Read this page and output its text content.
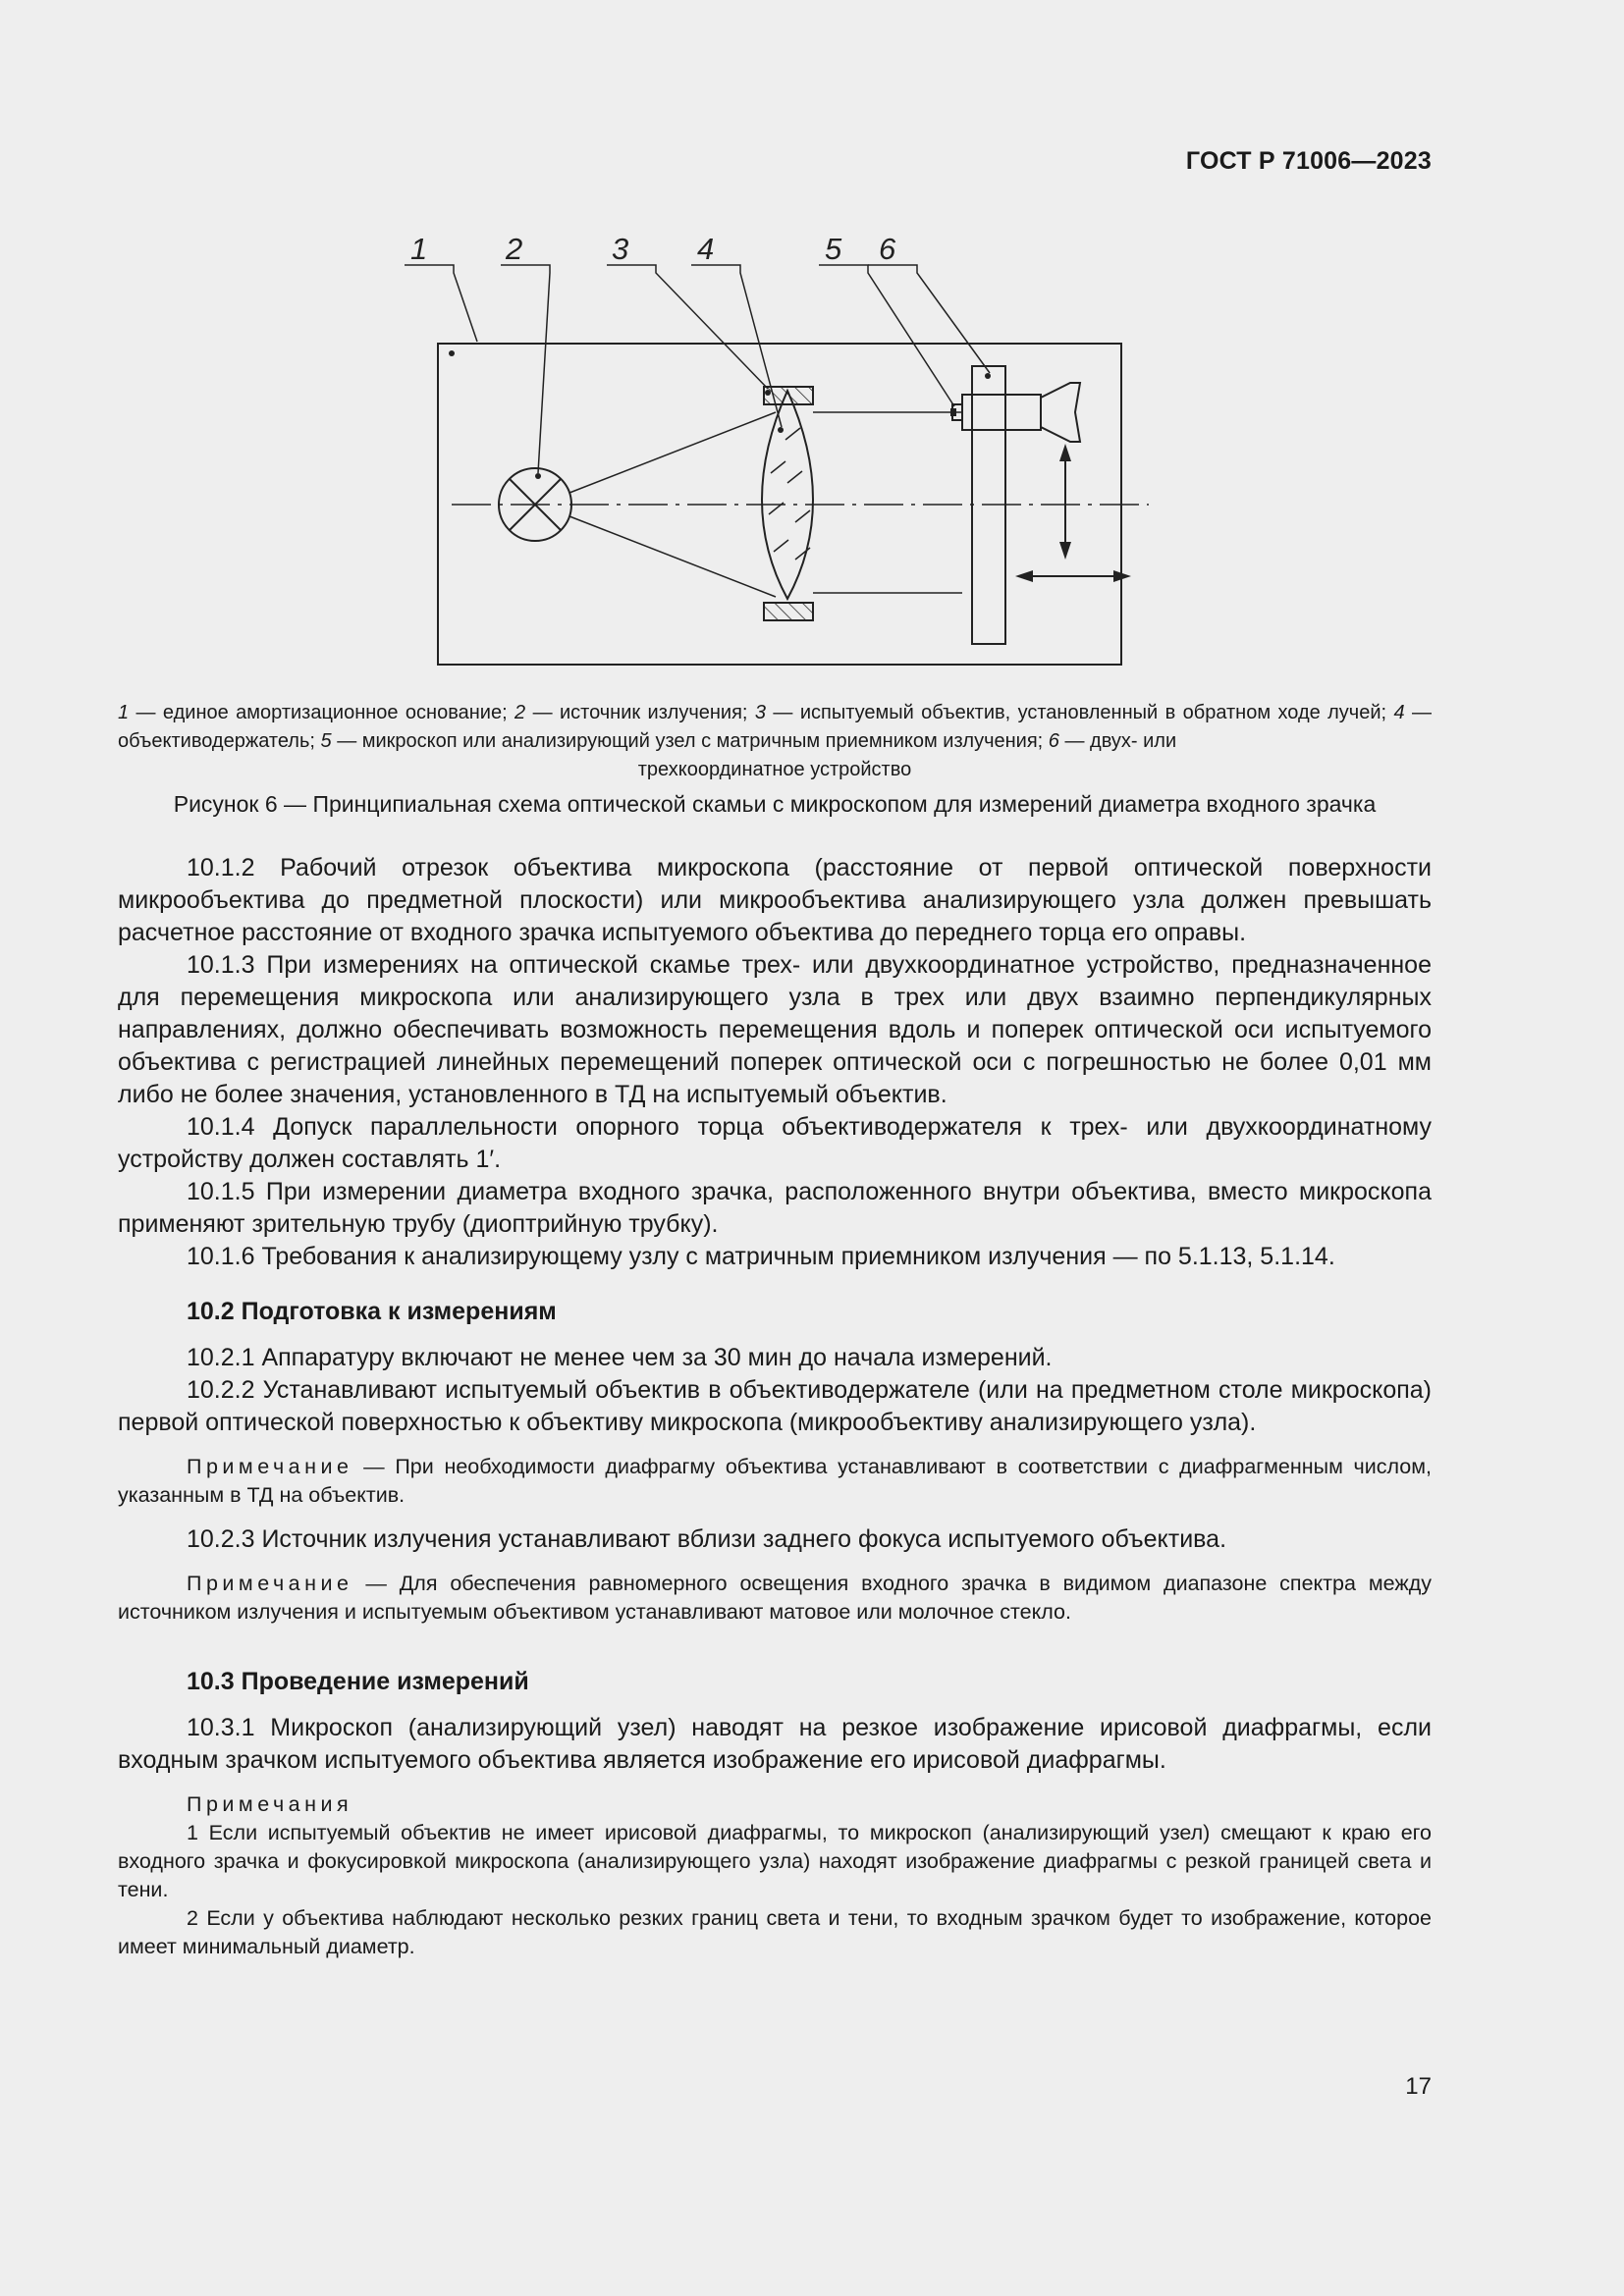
ГОСТ Р 71006—2023
1	2	3 4	5 6
1 — единое амортизационное основание; 2 — источник излучения; 3 — испытуемый объектив, установленный в обратном ходе лучей; 4 — объективодержатель; 5 — микроскоп или анализирующий узел с матричным приемником излучения; 6 — двух- или
трехкоординатное устройство
Рисунок 6 — Принципиальная схема оптической скамьи с микроскопом для измерений диаметра входного зрачка

10.1.2 Рабочий отрезок объектива микроскопа (расстояние от первой оптической поверхности микрообъектива до предметной плоскости) или микрообъектива анализирующего узла должен превышать расчетное расстояние от входного зрачка испытуемого объектива до переднего торца его оправы.

10.1.3 При измерениях на оптической скамье трех- или двухкоординатное устройство, предназначенное для перемещения микроскопа или анализирующего узла в трех или двух взаимно перпендикулярных направлениях, должно обеспечивать возможность перемещения вдоль и поперек оптической оси испытуемого объектива с регистрацией линейных перемещений поперек оптической оси с погрешностью не более 0,01 мм либо не более значения, установленного в ТД на испытуемый объектив.

10.1.4 Допуск параллельности опорного торца объективодержателя к трех- или двухкоординатному устройству должен составлять 1′.

10.1.5 При измерении диаметра входного зрачка, расположенного внутри объектива, вместо микроскопа применяют зрительную трубу (диоптрийную трубку).

10.1.6 Требования к анализирующему узлу с матричным приемником излучения — по 5.1.13, 5.1.14.

10.2 Подготовка к измерениям

10.2.1 Аппаратуру включают не менее чем за 30 мин до начала измерений.

10.2.2 Устанавливают испытуемый объектив в объективодержателе (или на предметном столе микроскопа) первой оптической поверхностью к объективу микроскопа (микрообъективу анализирующего узла).

Примечание — При необходимости диафрагму объектива устанавливают в соответствии с диафрагменным числом, указанным в ТД на объектив.

10.2.3 Источник излучения устанавливают вблизи заднего фокуса испытуемого объектива.

Примечание — Для обеспечения равномерного освещения входного зрачка в видимом диапазоне спектра между источником излучения и испытуемым объективом устанавливают матовое или молочное стекло.

10.3 Проведение измерений

10.3.1 Микроскоп (анализирующий узел) наводят на резкое изображение ирисовой диафрагмы, если входным зрачком испытуемого объектива является изображение его ирисовой диафрагмы.

Примечания

1 Если испытуемый объектив не имеет ирисовой диафрагмы, то микроскоп (анализирующий узел) смещают к краю его входного зрачка и фокусировкой микроскопа (анализирующего узла) находят изображение диафрагмы с резкой границей света и тени.

2 Если у объектива наблюдают несколько резких границ света и тени, то входным зрачком будет то изображение, которое имеет минимальный диаметр.

17
